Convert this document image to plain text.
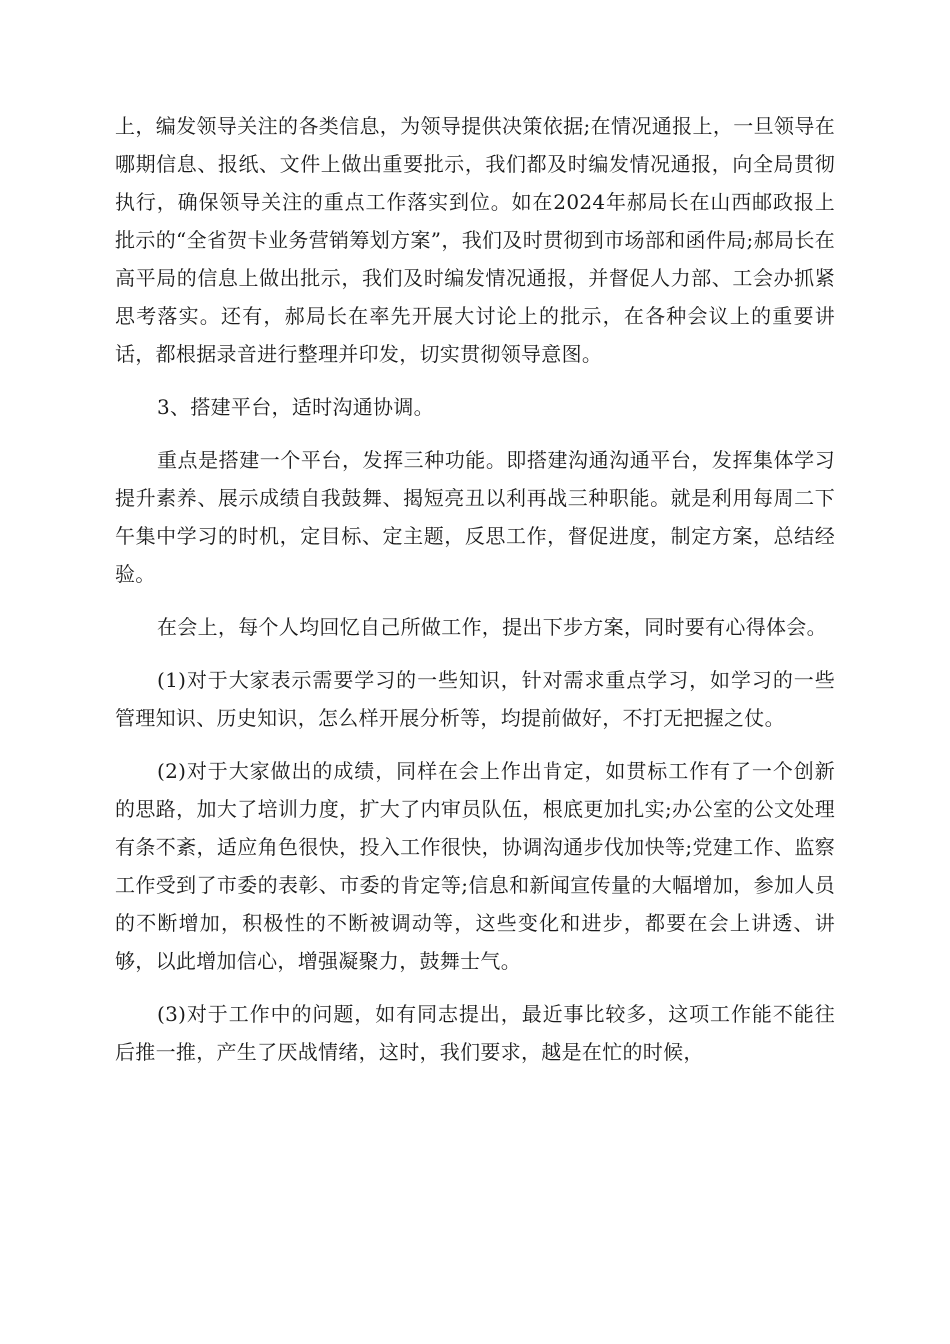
上，编发领导关注的各类信息，为领导提供决策依据;在情况通报上，一旦领导在哪期信息、报纸、文件上做出重要批示，我们都及时编发情况通报，向全局贯彻执行，确保领导关注的重点工作落实到位。如在2024年郝局长在山西邮政报上批示的“全省贺卡业务营销筹划方案”，我们及时贯彻到市场部和函件局;郝局长在高平局的信息上做出批示，我们及时编发情况通报，并督促人力部、工会办抓紧思考落实。还有，郝局长在率先开展大讨论上的批示，在各种会议上的重要讲话，都根据录音进行整理并印发，切实贯彻领导意图。

3、搭建平台，适时沟通协调。

重点是搭建一个平台，发挥三种功能。即搭建沟通沟通平台，发挥集体学习提升素养、展示成绩自我鼓舞、揭短亮丑以利再战三种职能。就是利用每周二下午集中学习的时机，定目标、定主题，反思工作，督促进度，制定方案，总结经验。

在会上，每个人均回忆自己所做工作，提出下步方案，同时要有心得体会。

(1)对于大家表示需要学习的一些知识，针对需求重点学习，如学习的一些管理知识、历史知识，怎么样开展分析等，均提前做好，不打无把握之仗。

(2)对于大家做出的成绩，同样在会上作出肯定，如贯标工作有了一个创新的思路，加大了培训力度，扩大了内审员队伍，根底更加扎实;办公室的公文处理有条不紊，适应角色很快，投入工作很快，协调沟通步伐加快等;党建工作、监察工作受到了市委的表彰、市委的肯定等;信息和新闻宣传量的大幅增加，参加人员的不断增加，积极性的不断被调动等，这些变化和进步，都要在会上讲透、讲够，以此增加信心，增强凝聚力，鼓舞士气。

(3)对于工作中的问题，如有同志提出，最近事比较多，这项工作能不能往后推一推，产生了厌战情绪，这时，我们要求，越是在忙的时候，
